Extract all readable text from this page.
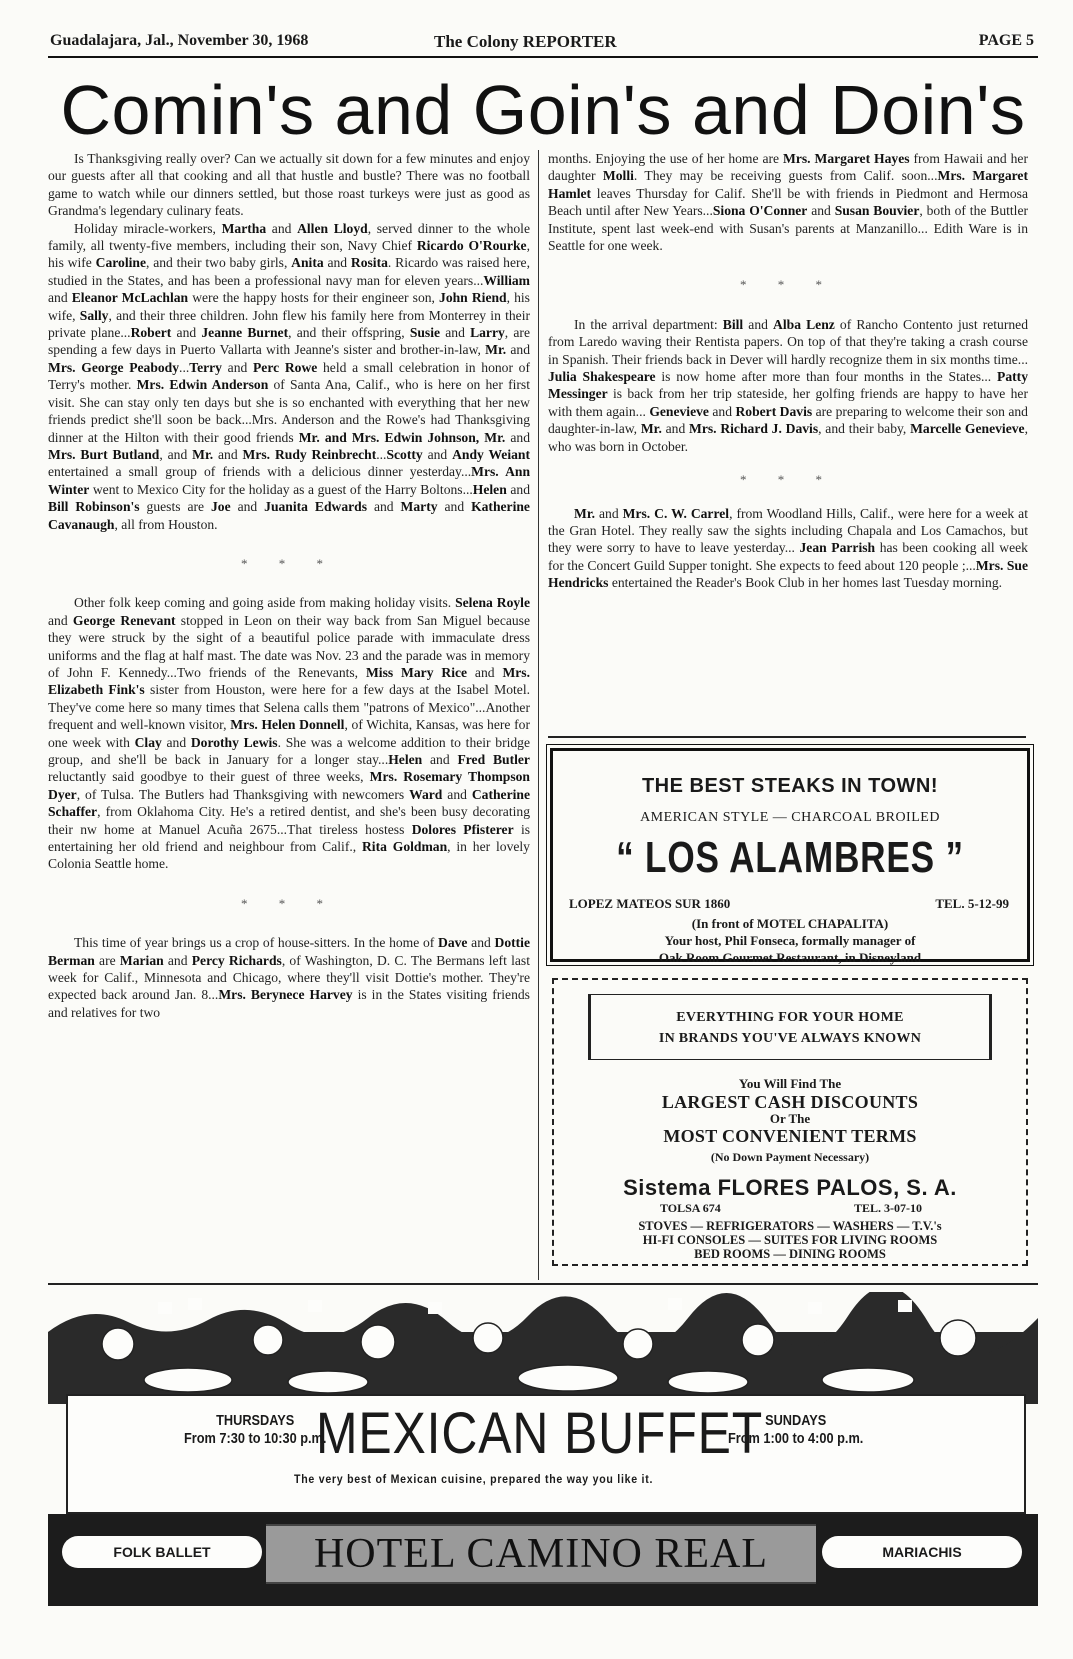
Guadalajara, Jal., November 30, 1968	The Colony REPORTER	PAGE 5
Comin's and Goin's and Doin's

Is Thanksgiving really over? Can we actually sit down for a few minutes and enjoy our guests after all that cooking and all that hustle and bustle? There was no football game to watch while our dinners settled, but those roast turkeys were just as good as Grandma's legendary culinary feats.

Holiday miracle-workers, Martha and Allen Lloyd, served dinner to the whole family, all twenty-five members, including their son, Navy Chief Ricardo O'Rourke, his wife Caroline, and their two baby girls, Anita and Rosita. Ricardo was raised here, studied in the States, and has been a professional navy man for eleven years...William and Eleanor McLachlan were the happy hosts for their engineer son, John Riend, his wife, Sally, and their three children. John flew his family here from Monterrey in their private plane...Robert and Jeanne Burnet, and their offspring, Susie and Larry, are spending a few days in Puerto Vallarta with Jeanne's sister and brother-in-law, Mr. and Mrs. George Peabody...Terry and Perc Rowe held a small celebration in honor of Terry's mother. Mrs. Edwin Anderson of Santa Ana, Calif., who is here on her first visit. She can stay only ten days but she is so enchanted with everything that her new friends predict she'll soon be back...Mrs. Anderson and the Rowe's had Thanksgiving dinner at the Hilton with their good friends Mr. and Mrs. Edwin Johnson, Mr. and Mrs. Burt Butland, and Mr. and Mrs. Rudy Reinbrecht...Scotty and Andy Weiant entertained a small group of friends with a delicious dinner yesterday...Mrs. Ann Winter went to Mexico City for the holiday as a guest of the Harry Boltons...Helen and Bill Robinson's guests are Joe and Juanita Edwards and Marty and Katherine Cavanaugh, all from Houston.

* * *

Other folk keep coming and going aside from making holiday visits. Selena Royle and George Renevant stopped in Leon on their way back from San Miguel because they were struck by the sight of a beautiful police parade with immaculate dress uniforms and the flag at half mast. The date was Nov. 23 and the parade was in memory of John F. Kennedy...Two friends of the Renevants, Miss Mary Rice and Mrs. Elizabeth Fink's sister from Houston, were here for a few days at the Isabel Motel. They've come here so many times that Selena calls them "patrons of Mexico"...Another frequent and well-known visitor, Mrs. Helen Donnell, of Wichita, Kansas, was here for one week with Clay and Dorothy Lewis. She was a welcome addition to their bridge group, and she'll be back in January for a longer stay...Helen and Fred Butler reluctantly said goodbye to their guest of three weeks, Mrs. Rosemary Thompson Dyer, of Tulsa. The Butlers had Thanksgiving with newcomers Ward and Catherine Schaffer, from Oklahoma City. He's a retired dentist, and she's been busy decorating their nw home at Manuel Acuña 2675...That tireless hostess Dolores Pfisterer is entertaining her old friend and neighbour from Calif., Rita Goldman, in her lovely Colonia Seattle home.

* * *

This time of year brings us a crop of house-sitters. In the home of Dave and Dottie Berman are Marian and Percy Richards, of Washington, D. C. The Bermans left last week for Calif., Minnesota and Chicago, where they'll visit Dottie's mother. They're expected back around Jan. 8...Mrs. Berynece Harvey is in the States visiting friends and relatives for two

months. Enjoying the use of her home are Mrs. Margaret Hayes from Hawaii and her daughter Molli. They may be receiving guests from Calif. soon...Mrs. Margaret Hamlet leaves Thursday for Calif. She'll be with friends in Piedmont and Hermosa Beach until after New Years...Siona O'Conner and Susan Bouvier, both of the Buttler Institute, spent last week-end with Susan's parents at Manzanillo... Edith Ware is in Seattle for one week.

* * *

In the arrival department: Bill and Alba Lenz of Rancho Contento just returned from Laredo waving their Rentista papers. On top of that they're taking a crash course in Spanish. Their friends back in Dever will hardly recognize them in six months time... Julia Shakespeare is now home after more than four months in the States... Patty Messinger is back from her trip stateside, her golfing friends are happy to have her with them again... Genevieve and Robert Davis are preparing to welcome their son and daughter-in-law, Mr. and Mrs. Richard J. Davis, and their baby, Marcelle Genevieve, who was born in October.

* * *

Mr. and Mrs. C. W. Carrel, from Woodland Hills, Calif., were here for a week at the Gran Hotel. They really saw the sights including Chapala and Los Camachos, but they were sorry to have to leave yesterday... Jean Parrish has been cooking all week for the Concert Guild Supper tonight. She expects to feed about 120 people ;...Mrs. Sue Hendricks entertained the Reader's Book Club in her homes last Tuesday morning.

THE BEST STEAKS IN TOWN!
AMERICAN STYLE — CHARCOAL BROILED
“ LOS ALAMBRES ”
LOPEZ MATEOS SUR 1860	TEL. 5-12-99
(In front of MOTEL CHAPALITA)
Your host, Phil Fonseca, formally manager of
Oak Room Gourmet Restaurant, in Disneyland
EVERYTHING FOR YOUR HOME
IN BRANDS YOU'VE ALWAYS KNOWN
You Will Find The
LARGEST CASH DISCOUNTS
Or The
MOST CONVENIENT TERMS
(No Down Payment Necessary)
Sistema FLORES PALOS, S. A.
TOLSA 674	TEL. 3-07-10
STOVES — REFRIGERATORS — WASHERS — T.V.'s
HI-FI CONSOLES — SUITES FOR LIVING ROOMS
BED ROOMS — DINING ROOMS
THURSDAYS
From 7:30 to 10:30 p.m.
MEXICAN BUFFET SUNDAYS
From 1:00 to 4:00 p.m.
The very best of Mexican cuisine, prepared the way you like it.
FOLK BALLET	HOTEL CAMINO REAL	MARIACHIS
